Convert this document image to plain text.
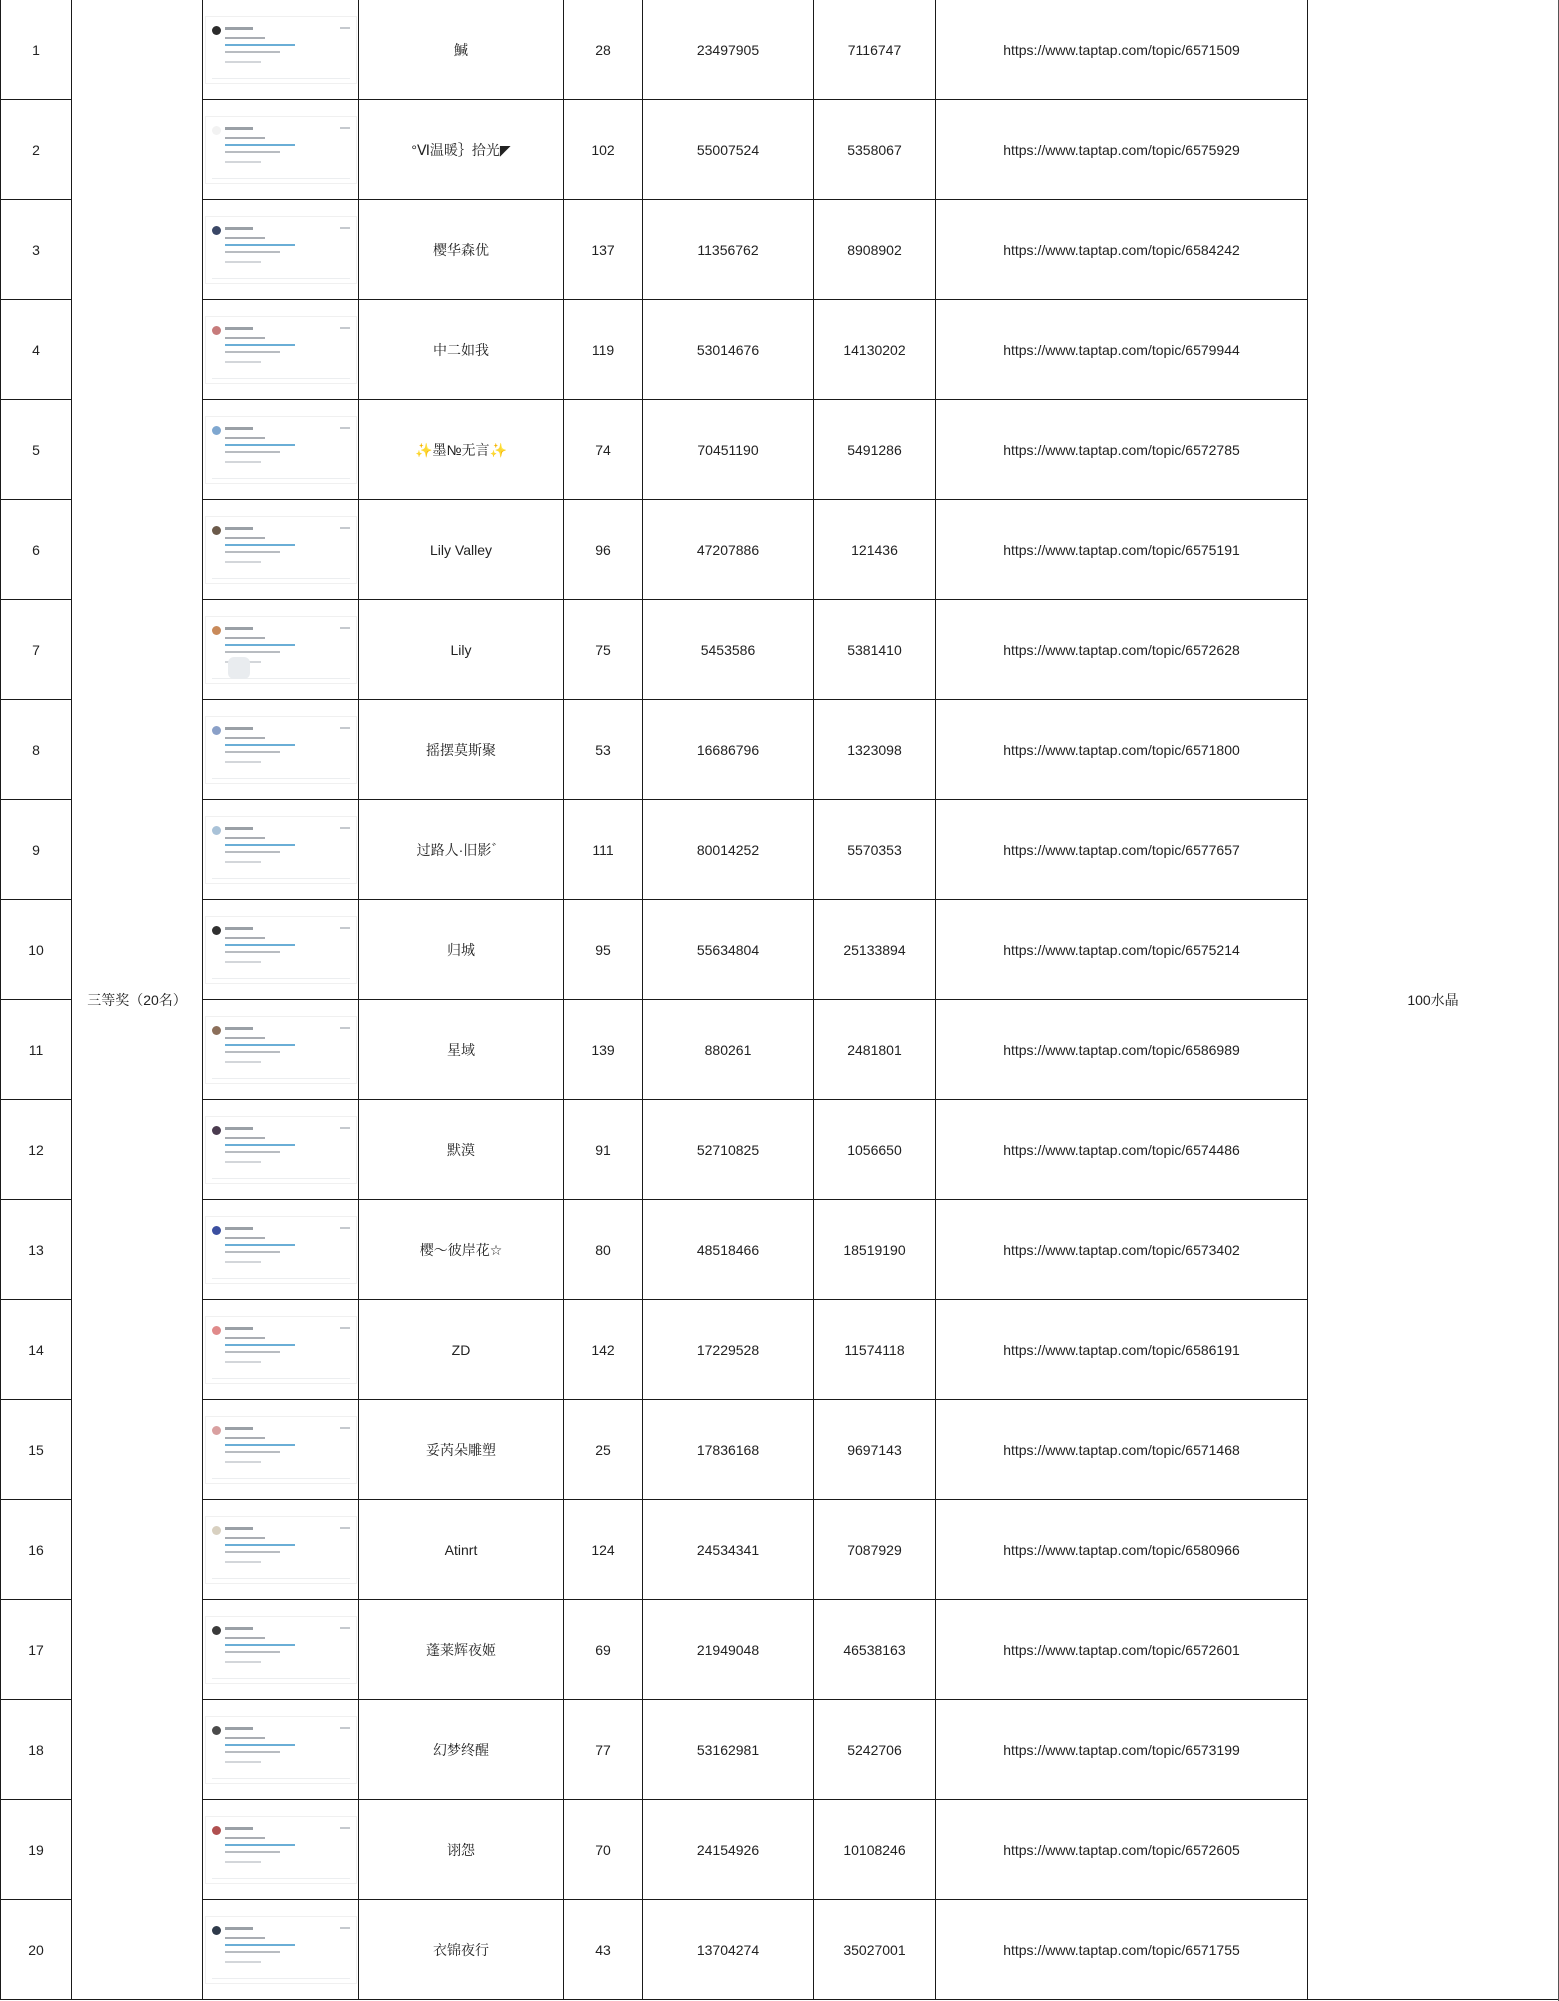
1	三等奖（20名）		鰔	28	23497905	7116747	https://www.taptap.com/topic/6571509	100水晶
2			°Ⅵ温暖｝拾光◤	102	55007524	5358067	https://www.taptap.com/topic/6575929	
3			樱华森优	137	11356762	8908902	https://www.taptap.com/topic/6584242	
4			中二如我	119	53014676	14130202	https://www.taptap.com/topic/6579944	
5			✨墨№无言✨	74	70451190	5491286	https://www.taptap.com/topic/6572785	
6			Lily Valley	96	47207886	121436	https://www.taptap.com/topic/6575191	
7			Lily	75	5453586	5381410	https://www.taptap.com/topic/6572628	
8			摇摆莫斯聚	53	16686796	1323098	https://www.taptap.com/topic/6571800	
9			过路人·旧影゛	111	80014252	5570353	https://www.taptap.com/topic/6577657	
10			归城	95	55634804	25133894	https://www.taptap.com/topic/6575214	
11			星域	139	880261	2481801	https://www.taptap.com/topic/6586989	
12			默漠	91	52710825	1056650	https://www.taptap.com/topic/6574486	
13			樱～彼岸花☆	80	48518466	18519190	https://www.taptap.com/topic/6573402	
14			ZD	142	17229528	11574118	https://www.taptap.com/topic/6586191	
15			妥芮朵雕塑	25	17836168	9697143	https://www.taptap.com/topic/6571468	
16			Atinrt	124	24534341	7087929	https://www.taptap.com/topic/6580966	
17			蓬莱辉夜姬	69	21949048	46538163	https://www.taptap.com/topic/6572601	
18			幻梦终醒	77	53162981	5242706	https://www.taptap.com/topic/6573199	
19			诩怨	70	24154926	10108246	https://www.taptap.com/topic/6572605	
20			衣锦夜行	43	13704274	35027001	https://www.taptap.com/topic/6571755	
